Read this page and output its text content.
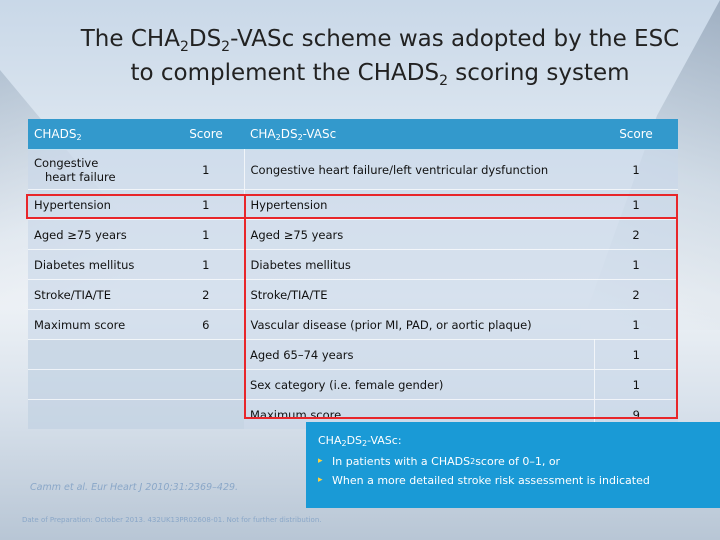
The $CHA_2DS_2$-VASc scheme was adopted by the ESC
to complement the $CHADS_2$ scoring system
$CHADS_2$	Score	$CHA_2DS_2$-VASc	Score
Congestive
heart failure	1	Congestive heart failure/left ventricular dysfunction	1
Hypertension	1	Hypertension	1
Aged ≥75 years	1	Aged ≥75 years	2
Diabetes mellitus	1	Diabetes mellitus	1
Stroke/TIA/TE	2	Stroke/TIA/TE	2
Maximum score	6	Vascular disease (prior MI, PAD, or aortic plaque)	1
		Aged 65–74 years	1
		Sex category (i.e. female gender)	1
		Maximum score	9

Camm et al. Eur Heart J 2010;31:2369–429.

Date of Preparation: October 2013. 432UK13PR02608-01. Not for further distribution.

$CHA_2DS_2$-VASc:

▸ In patients with a CHADS 2 score of 0–1, or
▸ When a more detailed stroke risk assessment is indicated
